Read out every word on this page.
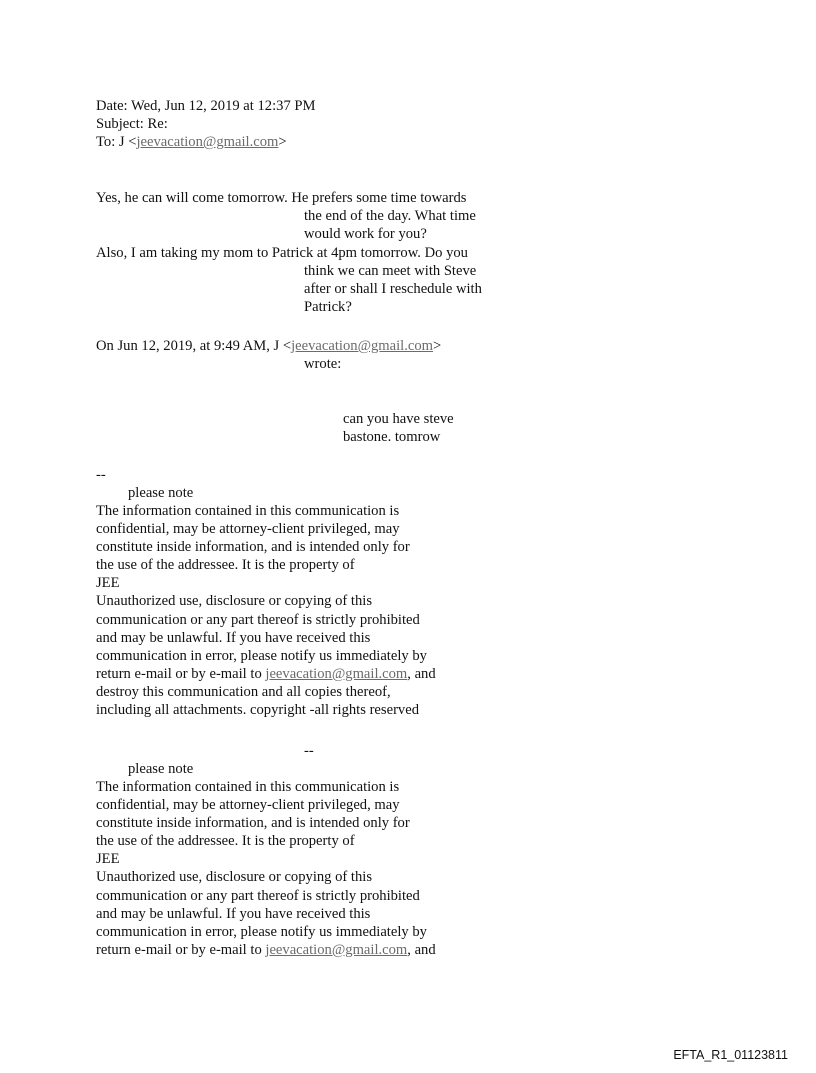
Date: Wed, Jun 12, 2019 at 12:37 PM
Subject: Re:
To: J <jeevacation@gmail.com>
Yes, he can will come tomorrow. He prefers some time towards
the end of the day. What time
would work for you?
Also, I am taking my mom to Patrick at 4pm tomorrow. Do you
think we can meet with Steve
after or shall I reschedule with
Patrick?
On Jun 12, 2019, at 9:49 AM, J <jeevacation@gmail.com>
wrote:
can you have steve
bastone. tomrow
--
please note
The information contained in this communication is
confidential, may be attorney-client privileged, may
constitute inside information, and is intended only for
the use of the addressee. It is the property of
JEE
Unauthorized use, disclosure or copying of this
communication or any part thereof is strictly prohibited
and may be unlawful. If you have received this
communication in error, please notify us immediately by
return e-mail or by e-mail to jeevacation@gmail.com, and
destroy this communication and all copies thereof,
including all attachments. copyright -all rights reserved
--
please note
The information contained in this communication is
confidential, may be attorney-client privileged, may
constitute inside information, and is intended only for
the use of the addressee. It is the property of
JEE
Unauthorized use, disclosure or copying of this
communication or any part thereof is strictly prohibited
and may be unlawful. If you have received this
communication in error, please notify us immediately by
return e-mail or by e-mail to jeevacation@gmail.com, and
EFTA_R1_01123811
